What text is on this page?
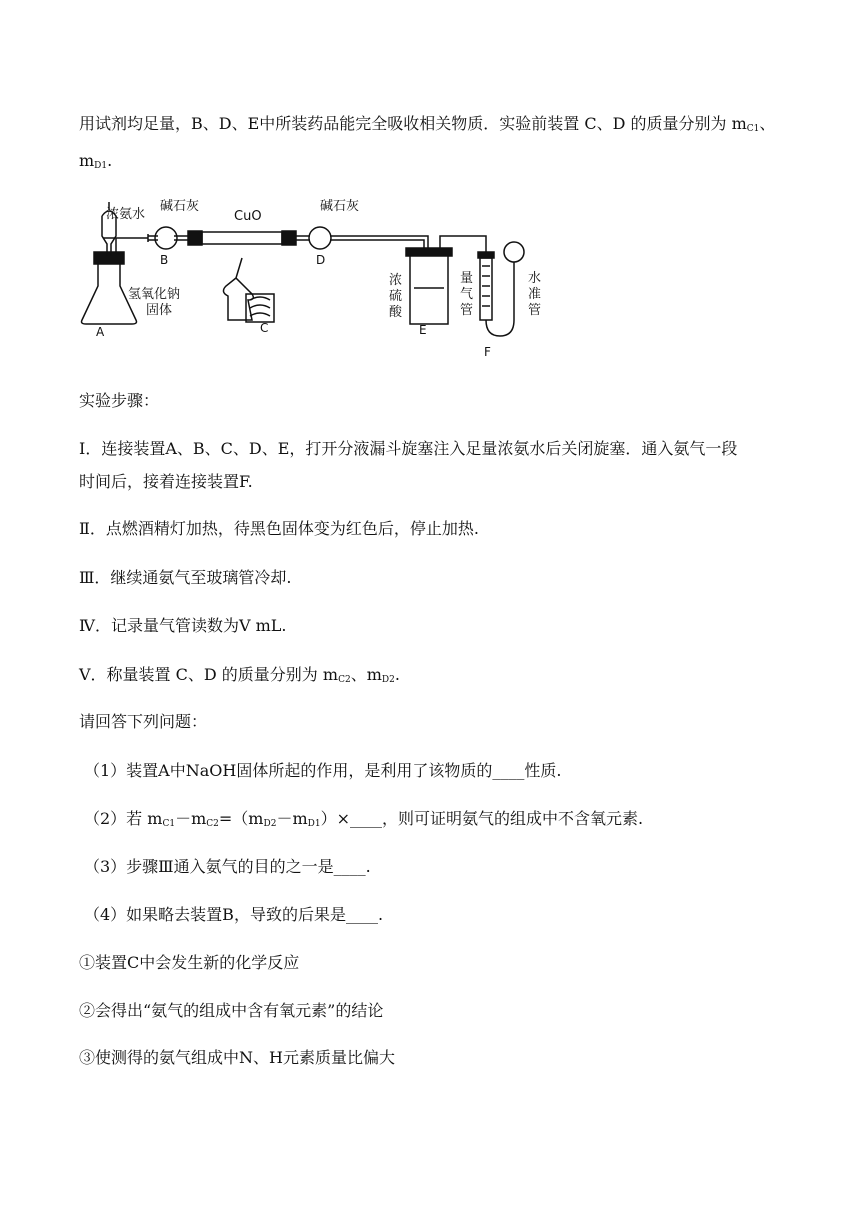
用试剂均足量，B、D、E中所装药品能完全吸收相关物质．实验前装置 C、D 的质量分别为 $m_{C1}$、
$m_{D1}$.
浓氨水
碱石灰
CuO
碱石灰
氢氧化钠
固体
浓
硫
酸
量
气
管
水
准
管
A
B
C
D
E
F
实验步骤：
Ⅰ．连接装置A、B、C、D、E，打开分液漏斗旋塞注入足量浓氨水后关闭旋塞．通入氨气一段
时间后，接着连接装置F.
Ⅱ．点燃酒精灯加热，待黑色固体变为红色后，停止加热.
Ⅲ．继续通氨气至玻璃管冷却.
Ⅳ．记录量气管读数为V mL.
V．称量装置 C、D 的质量分别为 $m_{C2}$、$m_{D2}$.
请回答下列问题：
（1）装置A中NaOH固体所起的作用，是利用了该物质的____性质.
（2）若 $m_{C1}-m_{C2}=(m_{D2}-m_{D1})\times\_\_\_\_$，则可证明氨气的组成中不含氧元素.
（3）步骤Ⅲ通入氨气的目的之一是____.
（4）如果略去装置B，导致的后果是____.
①装置C中会发生新的化学反应
②会得出“氨气的组成中含有氧元素”的结论
③使测得的氨气组成中N、H元素质量比偏大
